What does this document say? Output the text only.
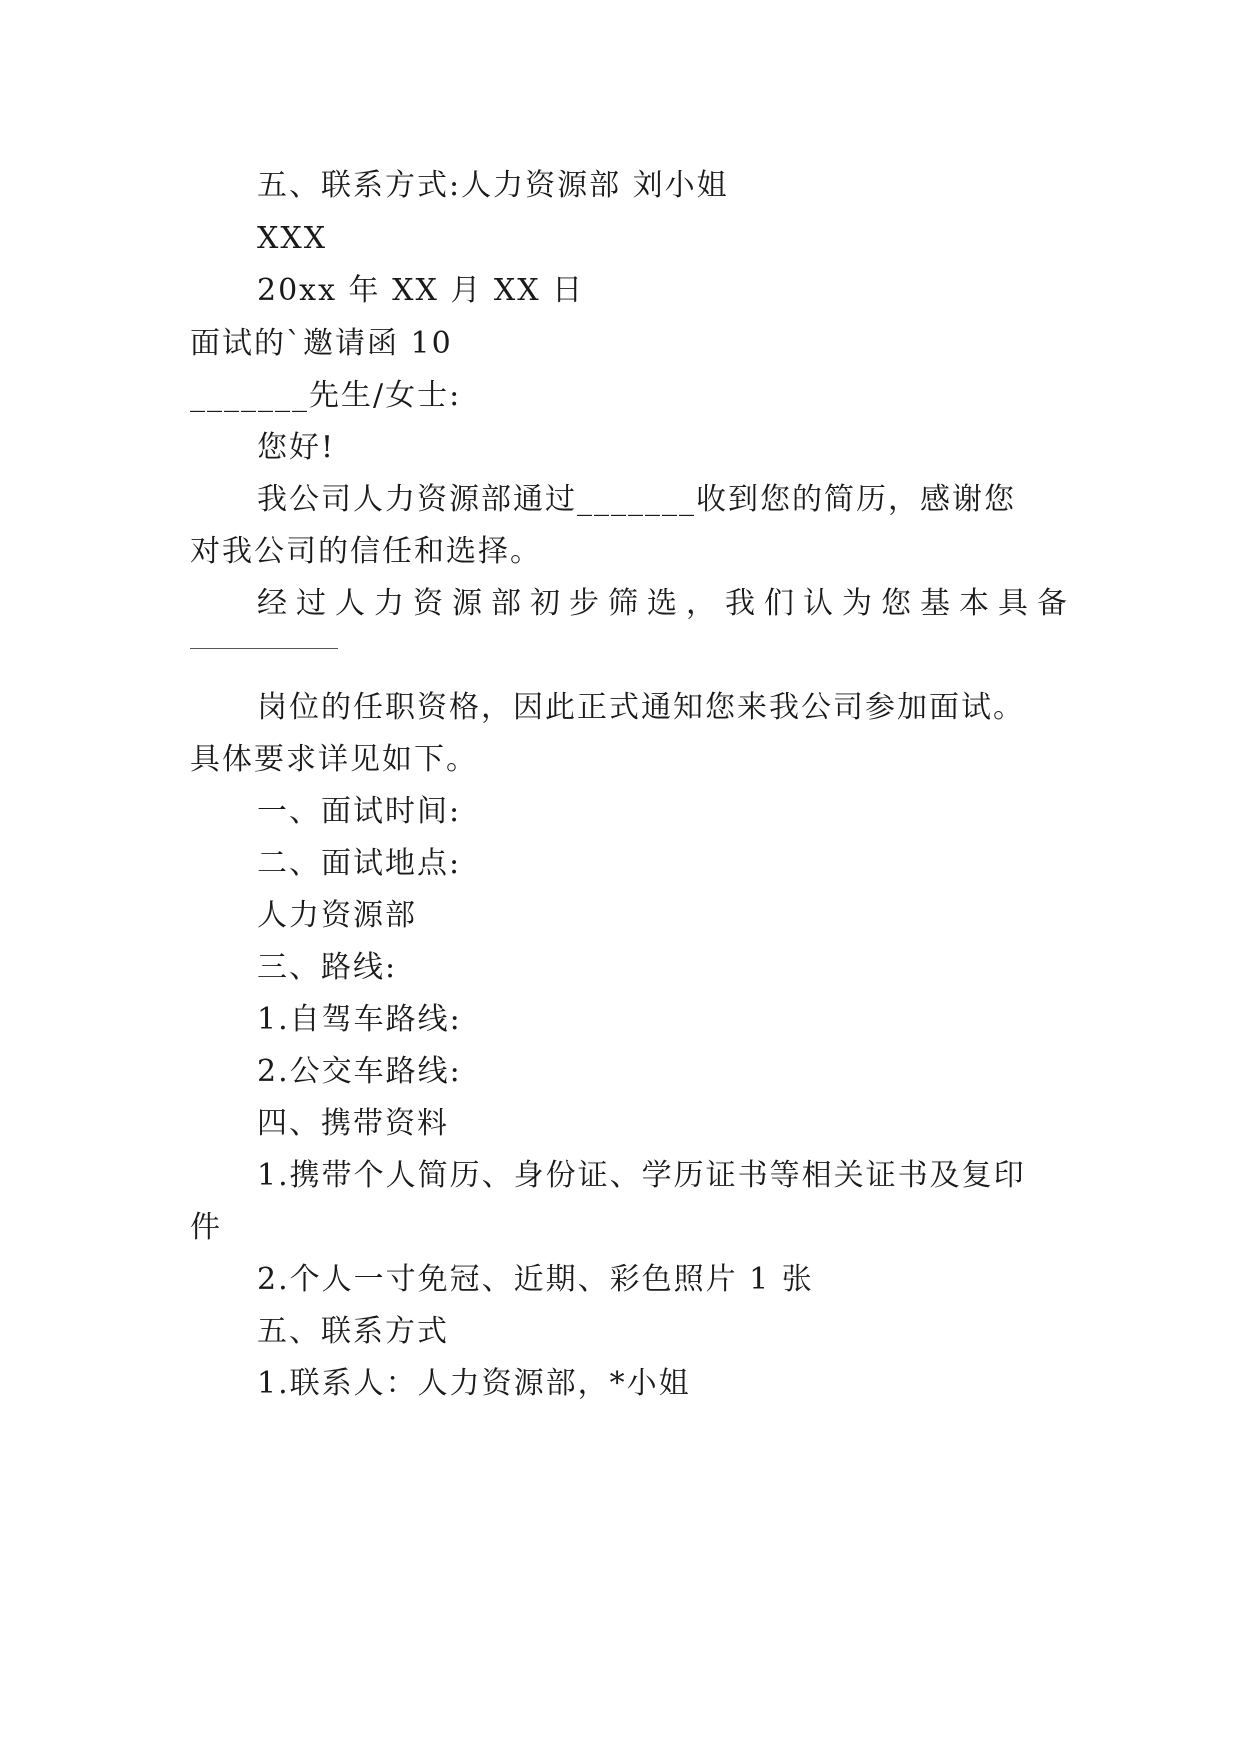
五、联系方式:人力资源部 刘小姐
XXX
20xx 年 XX 月 XX 日
面试的`邀请函 10
_______先生/女士:
您好!
我公司人力资源部通过_______收到您的简历，感谢您
对我公司的信任和选择。
经过人力资源部初步筛选，我们认为您基本具备
岗位的任职资格，因此正式通知您来我公司参加面试。
具体要求详见如下。
一、面试时间:
二、面试地点:
人力资源部
三、路线:
1.自驾车路线:
2.公交车路线:
四、携带资料
1.携带个人简历、身份证、学历证书等相关证书及复印
件
2.个人一寸免冠、近期、彩色照片 1 张
五、联系方式
1.联系人：人力资源部，*小姐
